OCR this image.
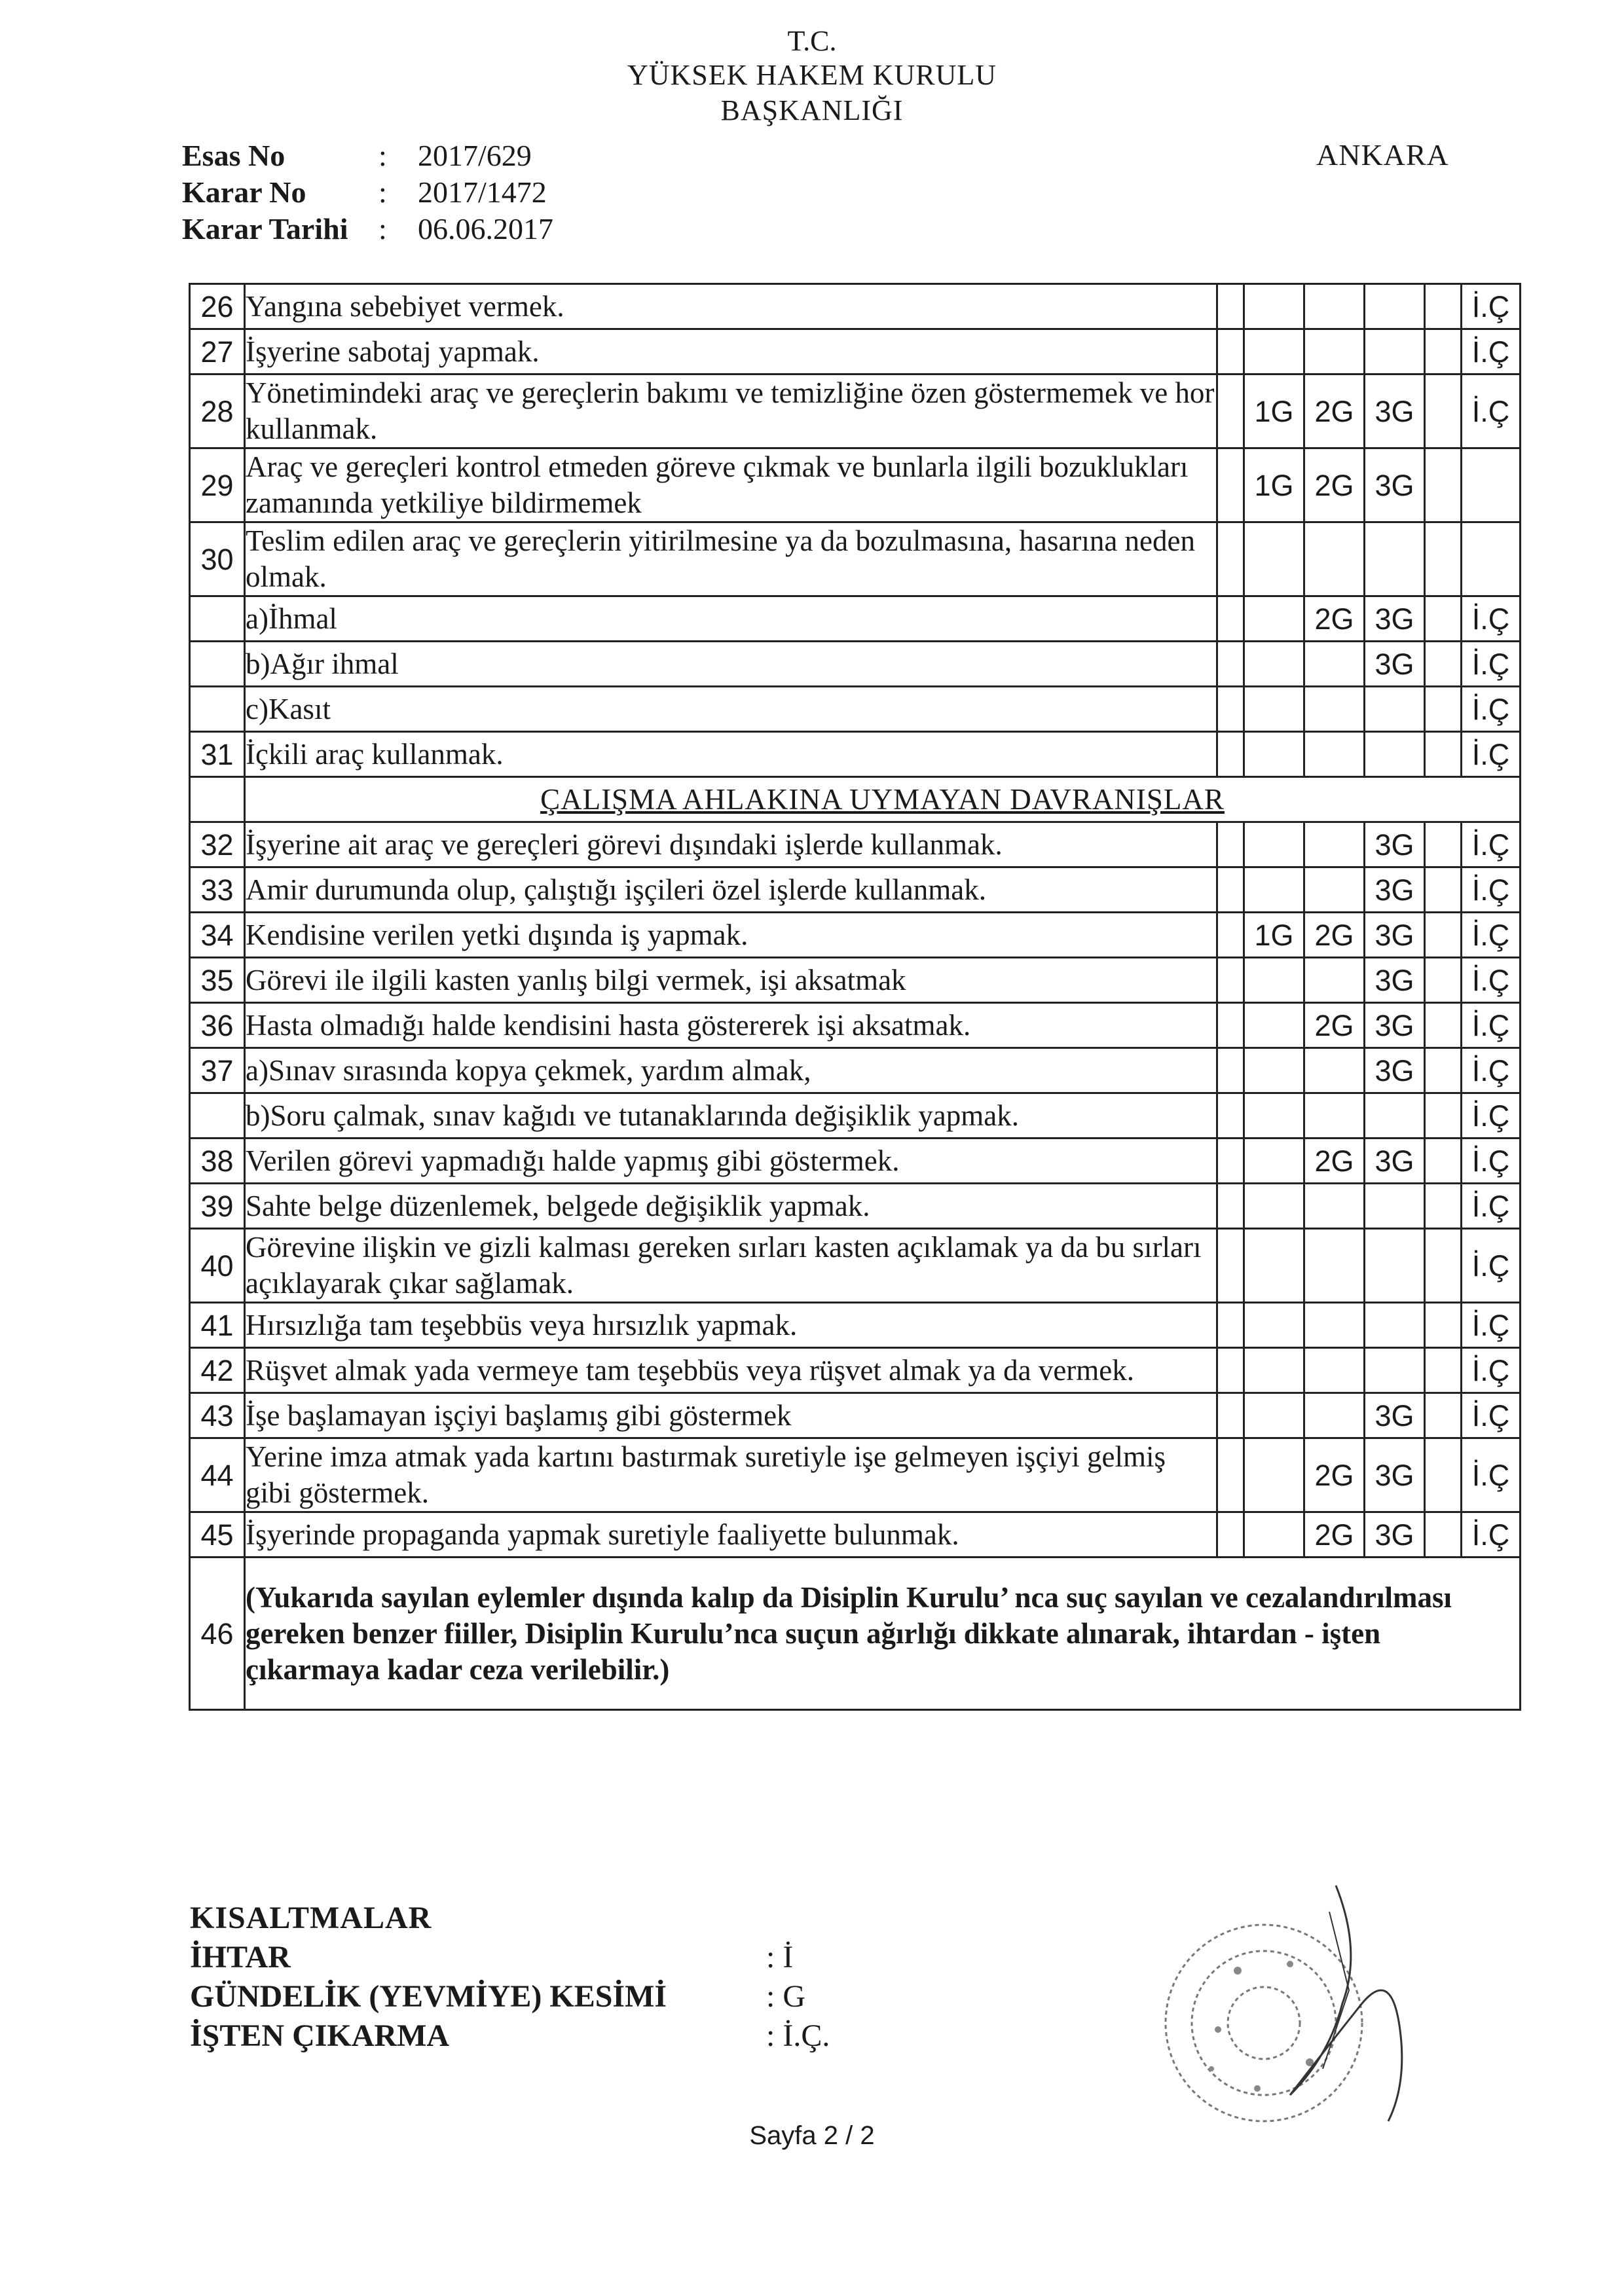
T.C.
YÜKSEK HAKEM KURULU
BAŞKANLIĞI
ANKARA
Esas No	:	2017/629
Karar No	:	2017/1472
Karar Tarihi	:	06.06.2017
26	Yangına sebebiyet vermek.						İ.Ç
27	İşyerine sabotaj yapmak.						İ.Ç
28	Yönetimindeki araç ve gereçlerin bakımı ve temizliğine özen göstermemek ve hor kullanmak.		1G	2G	3G		İ.Ç
29	Araç ve gereçleri kontrol etmeden göreve çıkmak ve bunlarla ilgili bozuklukları zamanında yetkiliye bildirmemek		1G	2G	3G		
30	Teslim edilen araç ve gereçlerin yitirilmesine ya da bozulmasına, hasarına neden olmak.						
	a)İhmal			2G	3G		İ.Ç
	b)Ağır ihmal				3G		İ.Ç
	c)Kasıt						İ.Ç
31	İçkili araç kullanmak.						İ.Ç
	ÇALIŞMA AHLAKINA UYMAYAN DAVRANIŞLAR						
32	İşyerine ait araç ve gereçleri görevi dışındaki işlerde kullanmak.				3G		İ.Ç
33	Amir durumunda olup, çalıştığı işçileri özel işlerde kullanmak.				3G		İ.Ç
34	Kendisine verilen yetki dışında iş yapmak.		1G	2G	3G		İ.Ç
35	Görevi ile ilgili kasten yanlış bilgi vermek, işi aksatmak				3G		İ.Ç
36	Hasta olmadığı halde kendisini hasta göstererek işi aksatmak.			2G	3G		İ.Ç
37	a)Sınav sırasında kopya çekmek, yardım almak,				3G		İ.Ç
	b)Soru çalmak, sınav kağıdı ve tutanaklarında değişiklik yapmak.						İ.Ç
38	Verilen görevi yapmadığı halde yapmış gibi göstermek.			2G	3G		İ.Ç
39	Sahte belge düzenlemek, belgede değişiklik yapmak.						İ.Ç
40	Görevine ilişkin ve gizli kalması gereken sırları kasten açıklamak ya da bu sırları açıklayarak çıkar sağlamak.						İ.Ç
41	Hırsızlığa tam teşebbüs veya hırsızlık yapmak.						İ.Ç
42	Rüşvet almak yada vermeye tam teşebbüs veya rüşvet almak ya da vermek.						İ.Ç
43	İşe başlamayan işçiyi başlamış gibi göstermek				3G		İ.Ç
44	Yerine imza atmak yada kartını bastırmak suretiyle işe gelmeyen işçiyi gelmiş gibi göstermek.			2G	3G		İ.Ç
45	İşyerinde propaganda yapmak suretiyle faaliyette bulunmak.			2G	3G		İ.Ç
46	(Yukarıda sayılan eylemler dışında kalıp da Disiplin Kurulu’ nca suç sayılan ve cezalandırılması gereken benzer fiiller, Disiplin Kurulu’nca suçun ağırlığı dikkate alınarak, ihtardan - işten çıkarmaya kadar ceza verilebilir.)						
KISALTMALAR
İHTAR	: İ
GÜNDELİK (YEVMİYE) KESİMİ	: G
İŞTEN ÇIKARMA	: İ.Ç.
Sayfa 2 / 2
